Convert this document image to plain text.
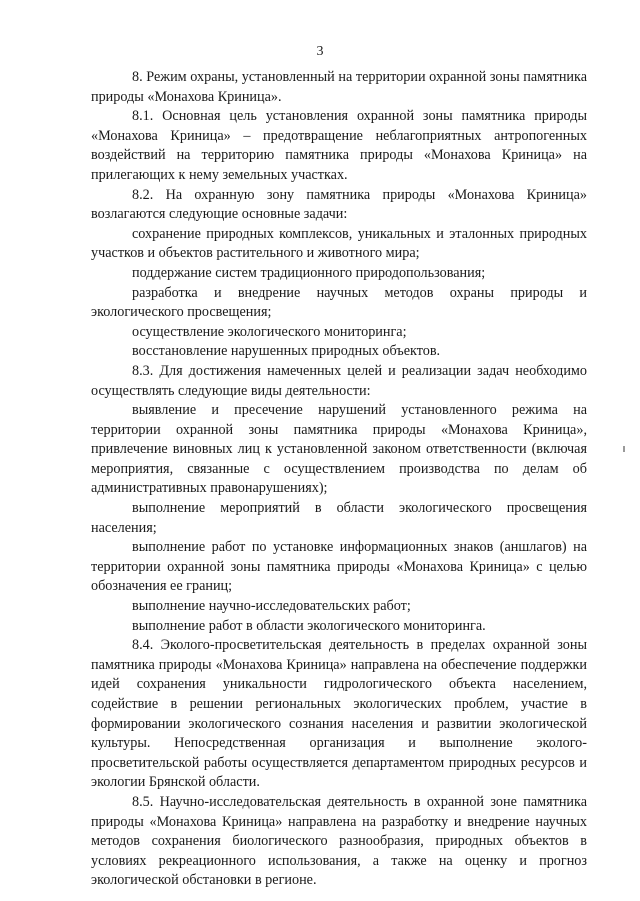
3

8. Режим охраны, установленный на территории охранной зоны памятника природы «Монахова Криница».

8.1. Основная цель установления охранной зоны памятника природы «Монахова Криница» – предотвращение неблагоприятных антропогенных воздействий на территорию памятника природы «Монахова Криница» на прилегающих к нему земельных участках.

8.2. На охранную зону памятника природы «Монахова Криница» возлагаются следующие основные задачи:

сохранение природных комплексов, уникальных и эталонных природных участков и объектов растительного и животного мира;

поддержание систем традиционного природопользования;

разработка и внедрение научных методов охраны природы и экологического просвещения;

осуществление экологического мониторинга;

восстановление нарушенных природных объектов.

8.3. Для достижения намеченных целей и реализации задач необходимо осуществлять следующие виды деятельности:

выявление и пресечение нарушений установленного режима на территории охранной зоны памятника природы «Монахова Криница», привлечение виновных лиц к установленной законом ответственности (включая мероприятия, связанные с осуществлением производства по делам об административных правонарушениях);

выполнение мероприятий в области экологического просвещения населения;

выполнение работ по установке информационных знаков (аншлагов) на территории охранной зоны памятника природы «Монахова Криница» с целью обозначения ее границ;

выполнение научно-исследовательских работ;

выполнение работ в области экологического мониторинга.

8.4. Эколого-просветительская деятельность в пределах охранной зоны памятника природы «Монахова Криница» направлена на обеспечение поддержки идей сохранения уникальности гидрологического объекта населением, содействие в решении региональных экологических проблем, участие в формировании экологического сознания населения и развитии экологической культуры. Непосредственная организация и выполнение эколого-просветительской работы осуществляется департаментом природных ресурсов и экологии Брянской области.

8.5. Научно-исследовательская деятельность в охранной зоне памятника природы «Монахова Криница» направлена на разработку и внедрение научных методов сохранения биологического разнообразия, природных объектов в условиях рекреационного использования, а также на оценку и прогноз экологической обстановки в регионе.
